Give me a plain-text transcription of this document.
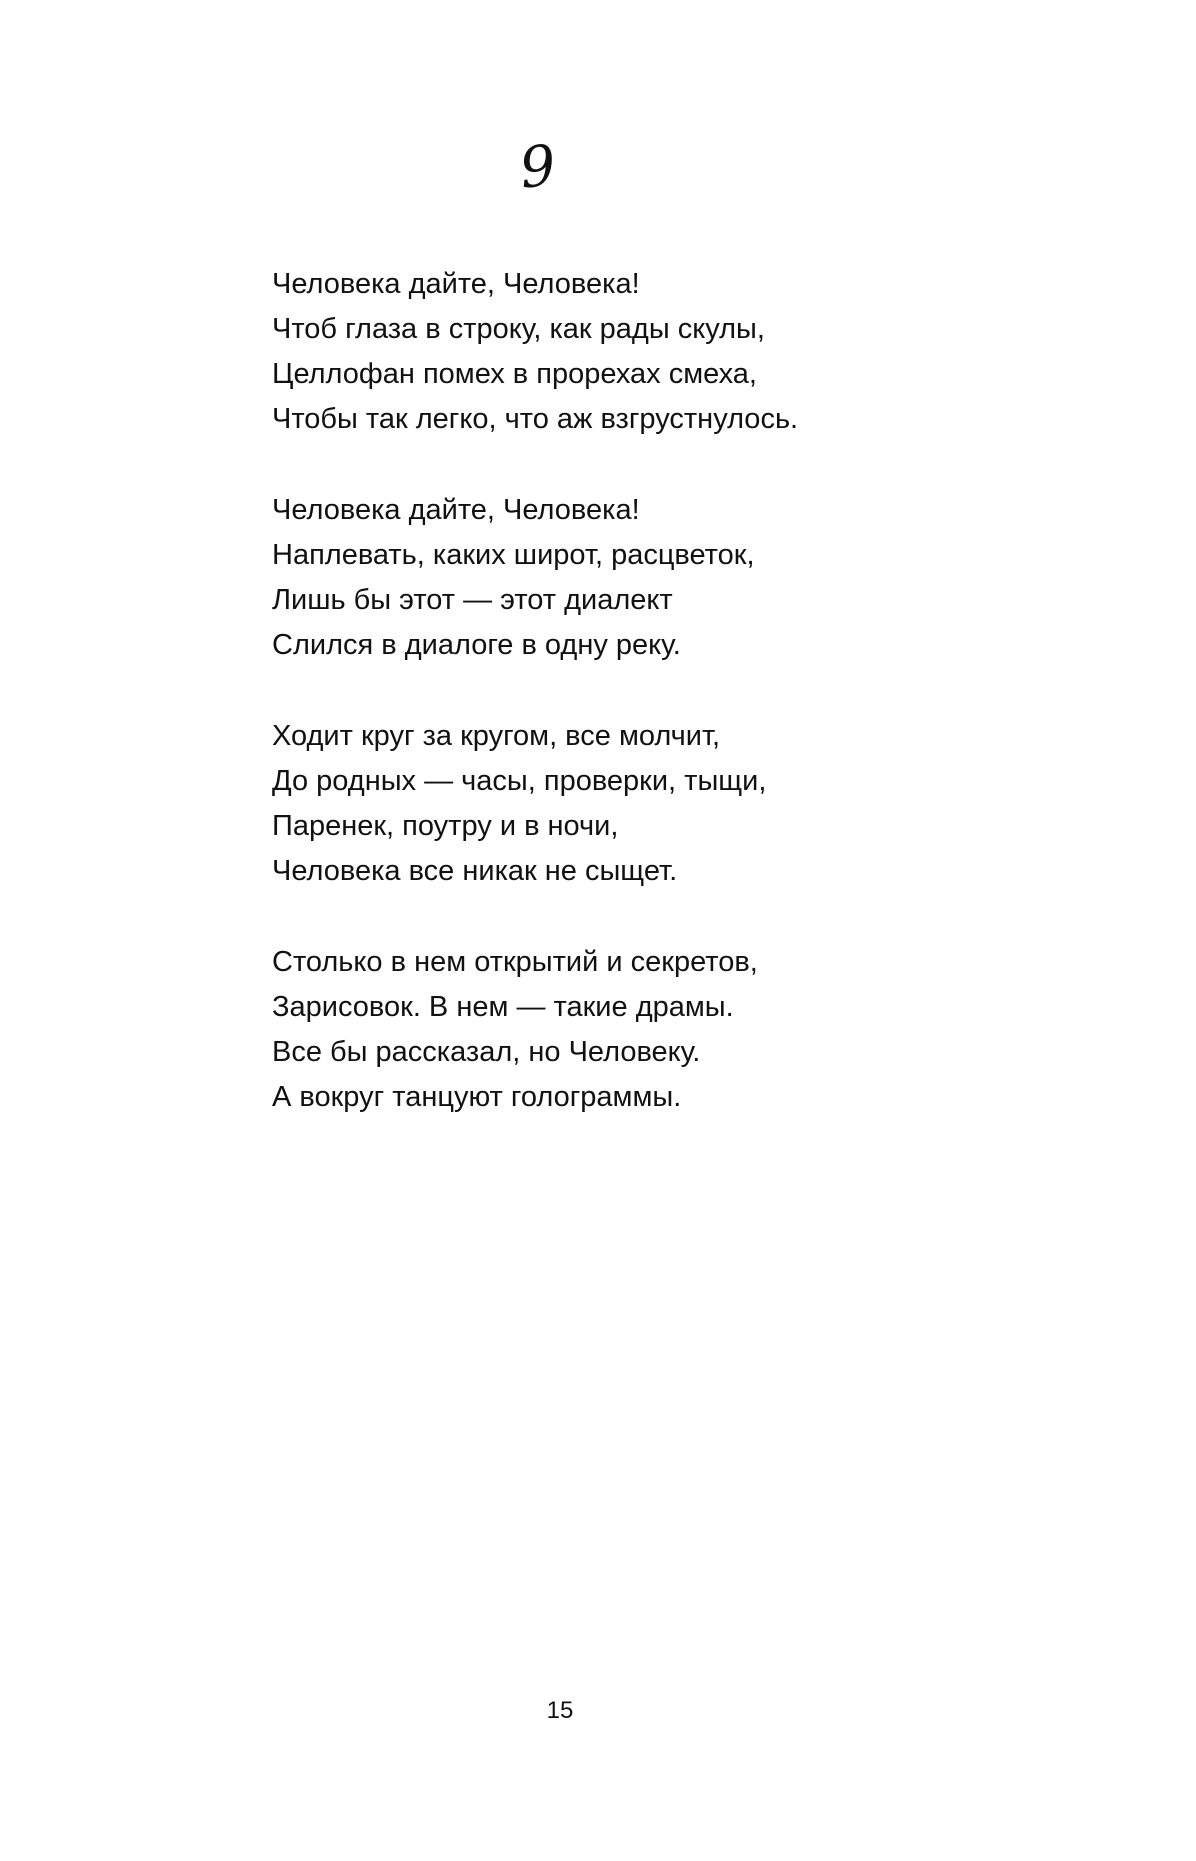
9
Человека дайте, Человека!
Чтоб глаза в строку, как рады скулы,
Целлофан помех в прорехах смеха,
Чтобы так легко, что аж взгрустнулось.
Человека дайте, Человека!
Наплевать, каких широт, расцветок,
Лишь бы этот — этот диалект
Слился в диалоге в одну реку.
Ходит круг за кругом, все молчит,
До родных — часы, проверки, тыщи,
Паренек, поутру и в ночи,
Человека все никак не сыщет.
Столько в нем открытий и секретов,
Зарисовок. В нем — такие драмы.
Все бы рассказал, но Человеку.
А вокруг танцуют голограммы.
15
